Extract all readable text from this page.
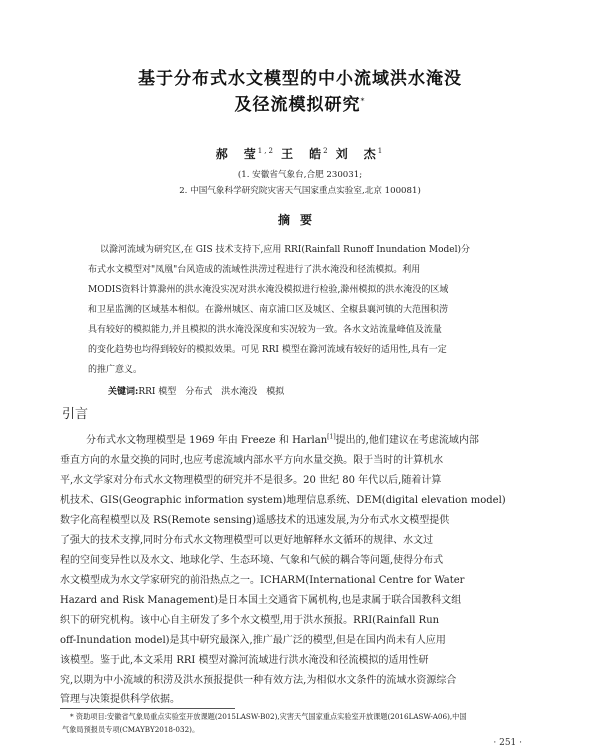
基于分布式水文模型的中小流域洪水淹没
及径流模拟研究*
郝　莹$^{1,2}$ 王　皓$^2$ 刘　杰$^1$
(1. 安徽省气象台,合肥 230031;
2. 中国气象科学研究院灾害天气国家重点实验室,北京 100081)
摘要
以滁河流域为研究区,在 GIS 技术支持下,应用 RRI(Rainfall Runoff Inundation Model)分
布式水文模型对"凤凰"台风造成的流域性洪涝过程进行了洪水淹没和径流模拟。利用
MODIS资料计算滁州的洪水淹没实况对洪水淹没模拟进行检验,滁州模拟的洪水淹没的区域
和卫星监测的区域基本相似。在滁州城区、南京浦口区及城区、全椒县襄河镇的大范围积涝
具有较好的模拟能力,并且模拟的洪水淹没深度和实况较为一致。各水文站流量峰值及流量
的变化趋势也均得到较好的模拟效果。可见 RRI 模型在滁河流域有较好的适用性,具有一定
的推广意义。
关键词:RRI 模型　分布式　洪水淹没　模拟
引言
分布式水文物理模型是 1969 年由 Freeze 和 Harlan[1]提出的,他们建议在考虑流域内部
垂直方向的水量交换的同时,也应考虑流域内部水平方向水量交换。限于当时的计算机水
平,水文学家对分布式水文物理模型的研究并不是很多。20 世纪 80 年代以后,随着计算
机技术、GIS(Geographic information system)地理信息系统、DEM(digital elevation model)
数字化高程模型以及 RS(Remote sensing)遥感技术的迅速发展,为分布式水文模型提供
了强大的技术支撑,同时分布式水文物理模型可以更好地解释水文循环的规律、水文过
程的空间变异性以及水文、地球化学、生态环境、气象和气候的耦合等问题,使得分布式
水文模型成为水文学家研究的前沿热点之一。ICHARM(International Centre for Water
Hazard and Risk Management)是日本国土交通省下属机构,也是隶属于联合国教科文组
织下的研究机构。该中心自主研发了多个水文模型,用于洪水预报。RRI(Rainfall Run
off-Inundation model)是其中研究最深入,推广最广泛的模型,但是在国内尚未有人应用
该模型。鉴于此,本文采用 RRI 模型对滁河流域进行洪水淹没和径流模拟的适用性研
究,以期为中小流域的积涝及洪水预报提供一种有效方法,为相似水文条件的流域水资源综合
管理与决策提供科学依据。
* 资助项目:安徽省气象局重点实验室开放课题(2015LASW-B02),灾害天气国家重点实验室开放课题(2016LASW-A06),中国
气象局预报员专项(CMAYBY2018-032)。
· 251 ·
